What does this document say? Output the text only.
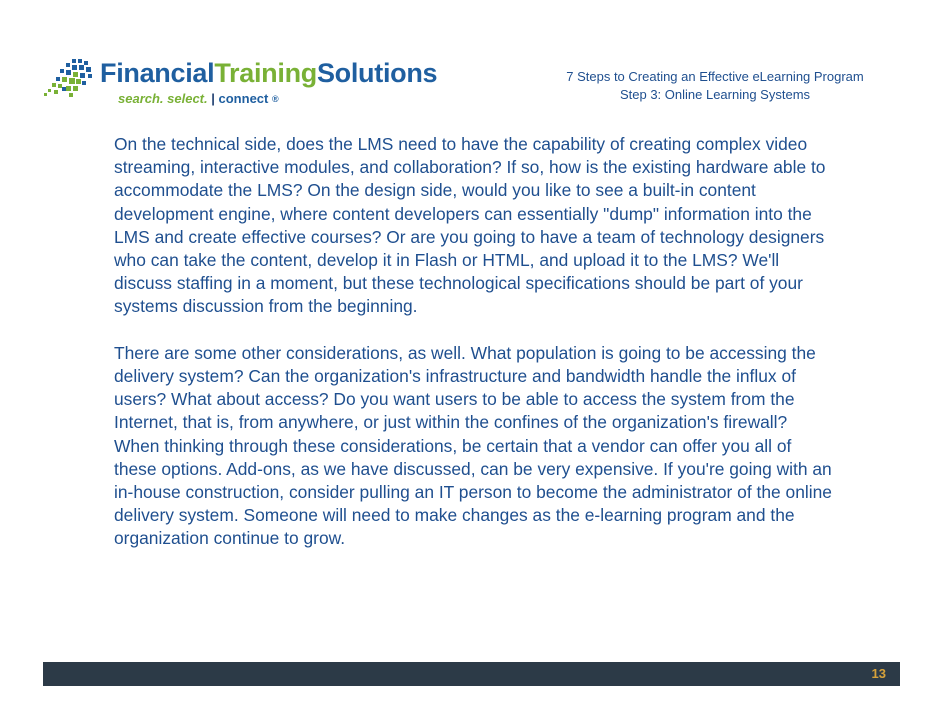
FinancialTrainingSolutions
search. select. | connect ®
7 Steps to Creating an Effective eLearning Program
Step 3: Online Learning Systems

On the technical side, does the LMS need to have the capability of creating complex video streaming, interactive modules, and collaboration? If so, how is the existing hardware able to accommodate the LMS? On the design side, would you like to see a built-in content development engine, where content developers can essentially "dump" information into the LMS and create effective courses? Or are you going to have a team of technology designers who can take the content, develop it in Flash or HTML, and upload it to the LMS? We'll discuss staffing in a moment, but these technological specifications should be part of your systems discussion from the beginning.

There are some other considerations, as well. What population is going to be accessing the delivery system? Can the organization's infrastructure and bandwidth handle the influx of users? What about access? Do you want users to be able to access the system from the Internet, that is, from anywhere, or just within the confines of the organization's firewall? When thinking through these considerations, be certain that a vendor can offer you all of these options. Add-ons, as we have discussed, can be very expensive. If you're going with an in-house construction, consider pulling an IT person to become the administrator of the online delivery system. Someone will need to make changes as the e-learning program and the organization continue to grow.

13
